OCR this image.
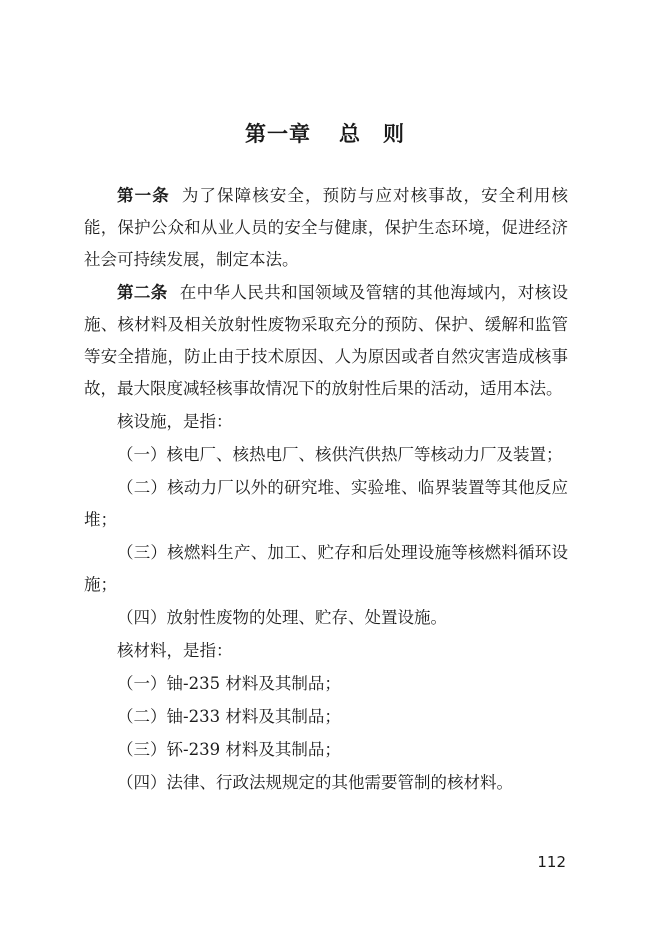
第一章 总　则

第一条 为了保障核安全，预防与应对核事故，安全利用核能，保护公众和从业人员的安全与健康，保护生态环境，促进经济社会可持续发展，制定本法。

第二条 在中华人民共和国领域及管辖的其他海域内，对核设施、核材料及相关放射性废物采取充分的预防、保护、缓解和监管等安全措施，防止由于技术原因、人为原因或者自然灾害造成核事故，最大限度减轻核事故情况下的放射性后果的活动，适用本法。

核设施，是指：

（一）核电厂、核热电厂、核供汽供热厂等核动力厂及装置；

（二）核动力厂以外的研究堆、实验堆、临界装置等其他反应堆；

（三）核燃料生产、加工、贮存和后处理设施等核燃料循环设施；

（四）放射性废物的处理、贮存、处置设施。

核材料，是指：

（一）铀-235 材料及其制品；

（二）铀-233 材料及其制品；

（三）钚-239 材料及其制品；

（四）法律、行政法规规定的其他需要管制的核材料。

112
